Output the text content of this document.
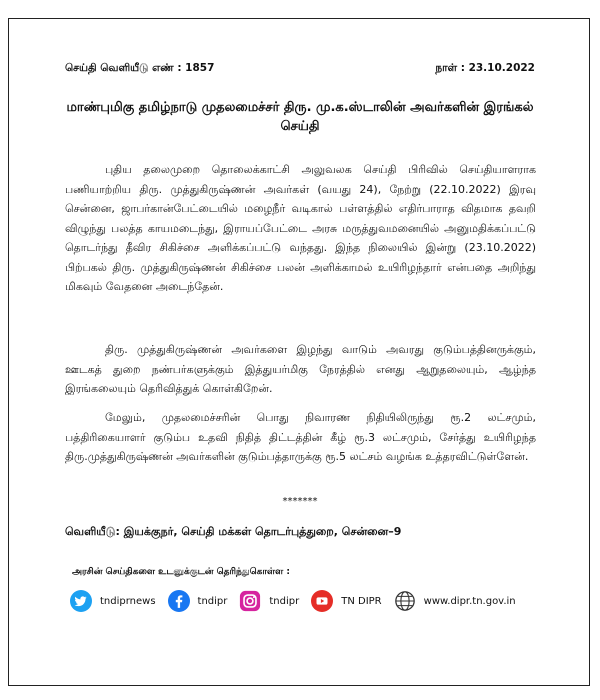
செய்தி வெளியீடு எண் : 1857	நாள் : 23.10.2022
மாண்புமிகு தமிழ்நாடு முதலமைச்சர் திரு. மு.க.ஸ்டாலின் அவர்களின் இரங்கல் செய்தி
புதிய தலைமுறை தொலைக்காட்சி அலுவலக செய்தி பிரிவில் செய்தியாளராக பணியாற்றிய திரு. முத்துகிருஷ்ணன் அவர்கள் (வயது 24), நேற்று (22.10.2022) இரவு சென்னை, ஜாபர்கான்பேட்டையில் மழைநீர் வடிகால் பள்ளத்தில் எதிர்பாராத விதமாக தவறி விழுந்து பலத்த காயமடைந்து, இராயப்பேட்டை அரசு மருத்துவமனையில் அனுமதிக்கப்பட்டு தொடர்ந்து தீவிர சிகிச்சை அளிக்கப்பட்டு வந்தது. இந்த நிலையில் இன்று (23.10.2022) பிற்பகல் திரு. முத்துகிருஷ்ணன் சிகிச்சை பலன் அளிக்காமல் உயிரிழந்தார் என்பதை அறிந்து மிகவும் வேதனை அடைந்தேன்.
திரு. முத்துகிருஷ்ணன் அவர்களை இழந்து வாடும் அவரது குடும்பத்தினருக்கும், ஊடகத் துறை நண்பர்களுக்கும் இத்துயர்மிகு நேரத்தில் எனது ஆறுதலையும், ஆழ்ந்த இரங்கலையும் தெரிவித்துக் கொள்கிறேன்.
மேலும், முதலமைச்சரின் பொது நிவாரண நிதியிலிருந்து ரூ.2 லட்சமும், பத்திரிகையாளர் குடும்ப உதவி நிதித் திட்டத்தின் கீழ் ரூ.3 லட்சமும், சேர்த்து உயிரிழந்த திரு.முத்துகிருஷ்ணன் அவர்களின் குடும்பத்தாருக்கு ரூ.5 லட்சம் வழங்க உத்தரவிட்டுள்ளேன்.
*******
வெளியீடு: இயக்குநர், செய்தி மக்கள் தொடர்புத்துறை, சென்னை–9
அரசின் செய்திகளை உடனுக்குடன் தெரிந்துகொள்ள :
tndiprnews	tndipr	tndipr	TN DIPR	www.dipr.tn.gov.in
